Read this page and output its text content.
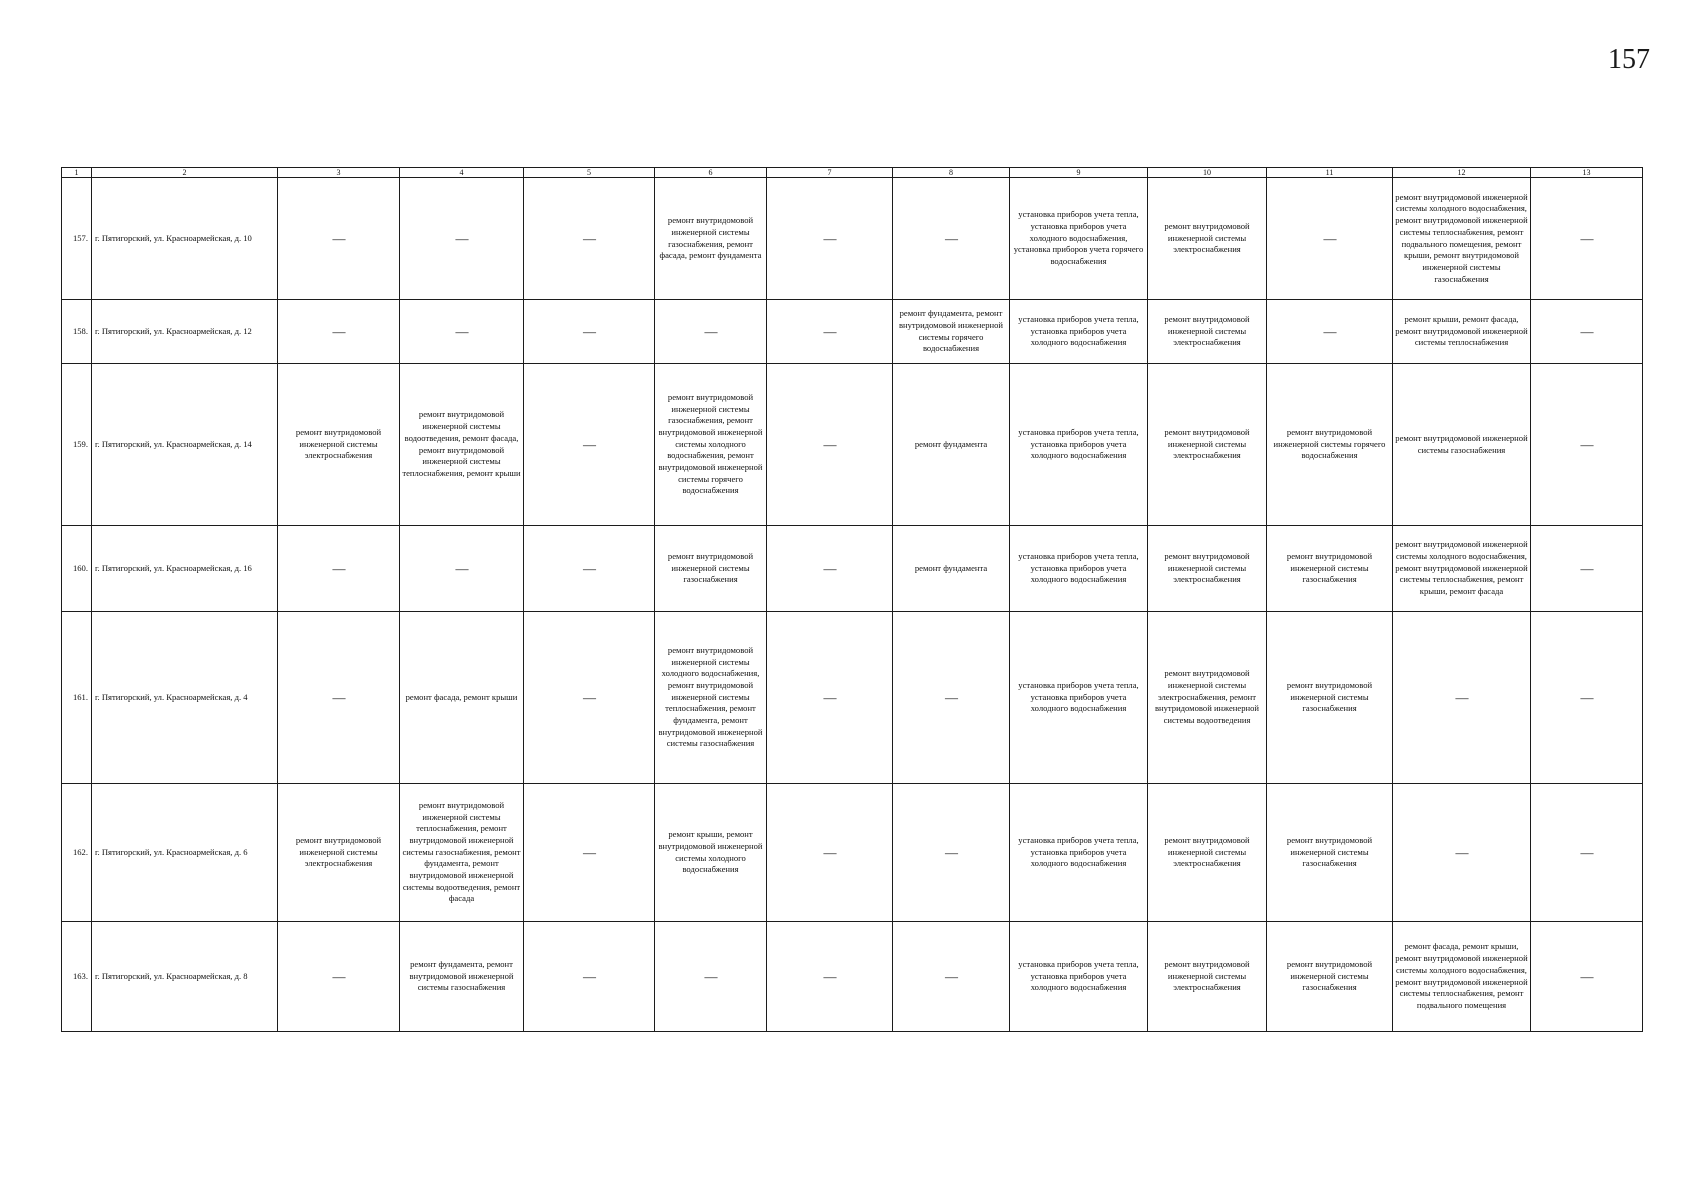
157
1	2	3	4	5	6	7	8	9	10	11	12	13
157.	г. Пятигорский, ул. Красноармейская, д. 10	—	—	—	ремонт внутридомовой инженерной системы газоснабжения, ремонт фасада, ремонт фундамента	—	—	установка приборов учета тепла, установка приборов учета холодного водоснабжения, установка приборов учета горячего водоснабжения	ремонт внутридомовой инженерной системы электроснабжения	—	ремонт внутридомовой инженерной системы холодного водоснабжения, ремонт внутридомовой инженерной системы теплоснабжения, ремонт подвального помещения, ремонт крыши, ремонт внутридомовой инженерной системы газоснабжения	—
158.	г. Пятигорский, ул. Красноармейская, д. 12	—	—	—	—	—	ремонт фундамента, ремонт внутридомовой инженерной системы горячего водоснабжения	установка приборов учета тепла, установка приборов учета холодного водоснабжения	ремонт внутридомовой инженерной системы электроснабжения	—	ремонт крыши, ремонт фасада, ремонт внутридомовой инженерной системы теплоснабжения	—
159.	г. Пятигорский, ул. Красноармейская, д. 14	ремонт внутридомовой инженерной системы электроснабжения	ремонт внутридомовой инженерной системы водоотведения, ремонт фасада, ремонт внутридомовой инженерной системы теплоснабжения, ремонт крыши	—	ремонт внутридомовой инженерной системы газоснабжения, ремонт внутридомовой инженерной системы холодного водоснабжения, ремонт внутридомовой инженерной системы горячего водоснабжения	—	ремонт фундамента	установка приборов учета тепла, установка приборов учета холодного водоснабжения	ремонт внутридомовой инженерной системы электроснабжения	ремонт внутридомовой инженерной системы горячего водоснабжения	ремонт внутридомовой инженерной системы газоснабжения	—
160.	г. Пятигорский, ул. Красноармейская, д. 16	—	—	—	ремонт внутридомовой инженерной системы газоснабжения	—	ремонт фундамента	установка приборов учета тепла, установка приборов учета холодного водоснабжения	ремонт внутридомовой инженерной системы электроснабжения	ремонт внутридомовой инженерной системы газоснабжения	ремонт внутридомовой инженерной системы холодного водоснабжения, ремонт внутридомовой инженерной системы теплоснабжения, ремонт крыши, ремонт фасада	—
161.	г. Пятигорский, ул. Красноармейская, д. 4	—	ремонт фасада, ремонт крыши	—	ремонт внутридомовой инженерной системы холодного водоснабжения, ремонт внутридомовой инженерной системы теплоснабжения, ремонт фундамента, ремонт внутридомовой инженерной системы газоснабжения	—	—	установка приборов учета тепла, установка приборов учета холодного водоснабжения	ремонт внутридомовой инженерной системы электроснабжения, ремонт внутридомовой инженерной системы водоотведения	ремонт внутридомовой инженерной системы газоснабжения	—	—
162.	г. Пятигорский, ул. Красноармейская, д. 6	ремонт внутридомовой инженерной системы электроснабжения	ремонт внутридомовой инженерной системы теплоснабжения, ремонт внутридомовой инженерной системы газоснабжения, ремонт фундамента, ремонт внутридомовой инженерной системы водоотведения, ремонт фасада	—	ремонт крыши, ремонт внутридомовой инженерной системы холодного водоснабжения	—	—	установка приборов учета тепла, установка приборов учета холодного водоснабжения	ремонт внутридомовой инженерной системы электроснабжения	ремонт внутридомовой инженерной системы газоснабжения	—	—
163.	г. Пятигорский, ул. Красноармейская, д. 8	—	ремонт фундамента, ремонт внутридомовой инженерной системы газоснабжения	—	—	—	—	установка приборов учета тепла, установка приборов учета холодного водоснабжения	ремонт внутридомовой инженерной системы электроснабжения	ремонт внутридомовой инженерной системы газоснабжения	ремонт фасада, ремонт крыши, ремонт внутридомовой инженерной системы холодного водоснабжения, ремонт внутридомовой инженерной системы теплоснабжения, ремонт подвального помещения	—
